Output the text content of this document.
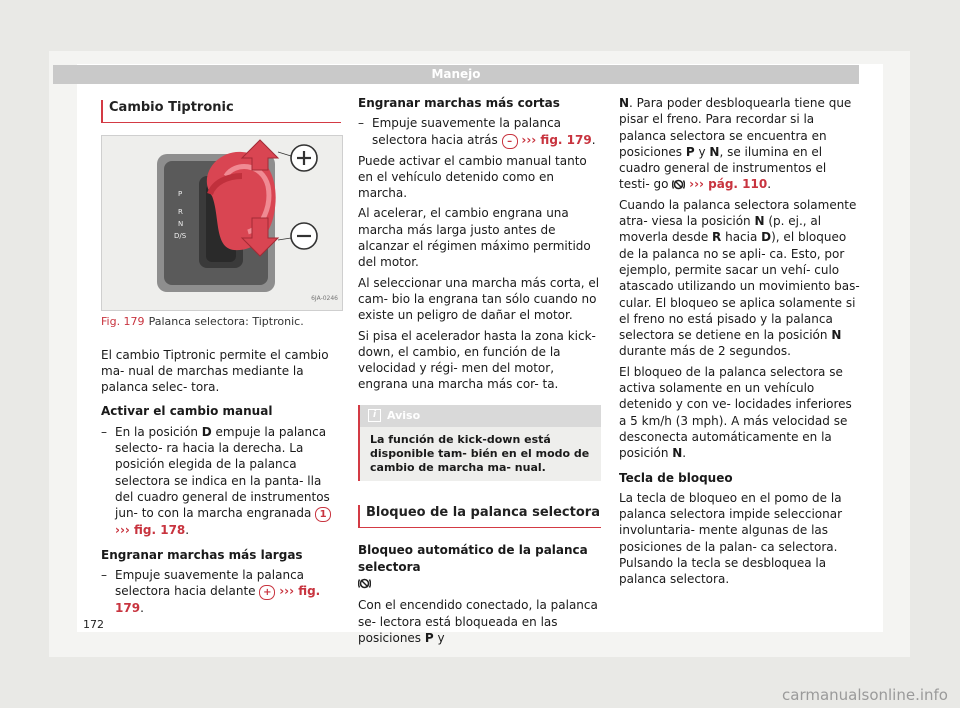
Manejo
Cambio Tiptronic
P
R
N
D/S
6JA-0246
Fig. 179 Palanca selectora: Tiptronic.

El cambio Tiptronic permite el cambio ma- nual de marchas mediante la palanca selec- tora.

Activar el cambio manual

– En la posición D empuje la palanca selecto- ra hacia la derecha. La posición elegida de la palanca selectora se indica en la panta- lla del cuadro general de instrumentos jun- to con la marcha engranada 1 ››› fig. 178.

Engranar marchas más largas

– Empuje suavemente la palanca selectora hacia delante + ››› fig. 179.

Engranar marchas más cortas

– Empuje suavemente la palanca selectora hacia atrás – ››› fig. 179.

Puede activar el cambio manual tanto en el vehículo detenido como en marcha.

Al acelerar, el cambio engrana una marcha más larga justo antes de alcanzar el régimen máximo permitido del motor.

Al seleccionar una marcha más corta, el cam- bio la engrana tan sólo cuando no existe un peligro de dañar el motor.

Si pisa el acelerador hasta la zona kick-down, el cambio, en función de la velocidad y régi- men del motor, engrana una marcha más cor- ta.

i Aviso
La función de kick-down está disponible tam- bién en el modo de cambio de marcha ma- nual.
Bloqueo de la palanca selectora

Bloqueo automático de la palanca selectora

Con el encendido conectado, la palanca se- lectora está bloqueada en las posiciones P y

N. Para poder desbloquearla tiene que pisar el freno. Para recordar si la palanca selectora se encuentra en posiciones P y N, se ilumina en el cuadro general de instrumentos el testi- go  ››› pág. 110.

Cuando la palanca selectora solamente atra- viesa la posición N (p. ej., al moverla desde R hacia D), el bloqueo de la palanca no se apli- ca. Esto, por ejemplo, permite sacar un vehí- culo atascado utilizando un movimiento bas- cular. El bloqueo se aplica solamente si el freno no está pisado y la palanca selectora se detiene en la posición N durante más de 2 segundos.

El bloqueo de la palanca selectora se activa solamente en un vehículo detenido y con ve- locidades inferiores a 5 km/h (3 mph). A más velocidad se desconecta automáticamente en la posición N.

Tecla de bloqueo

La tecla de bloqueo en el pomo de la palanca selectora impide seleccionar involuntaria- mente algunas de las posiciones de la palan- ca selectora. Pulsando la tecla se desbloquea la palanca selectora.

172
carmanualsonline.info
